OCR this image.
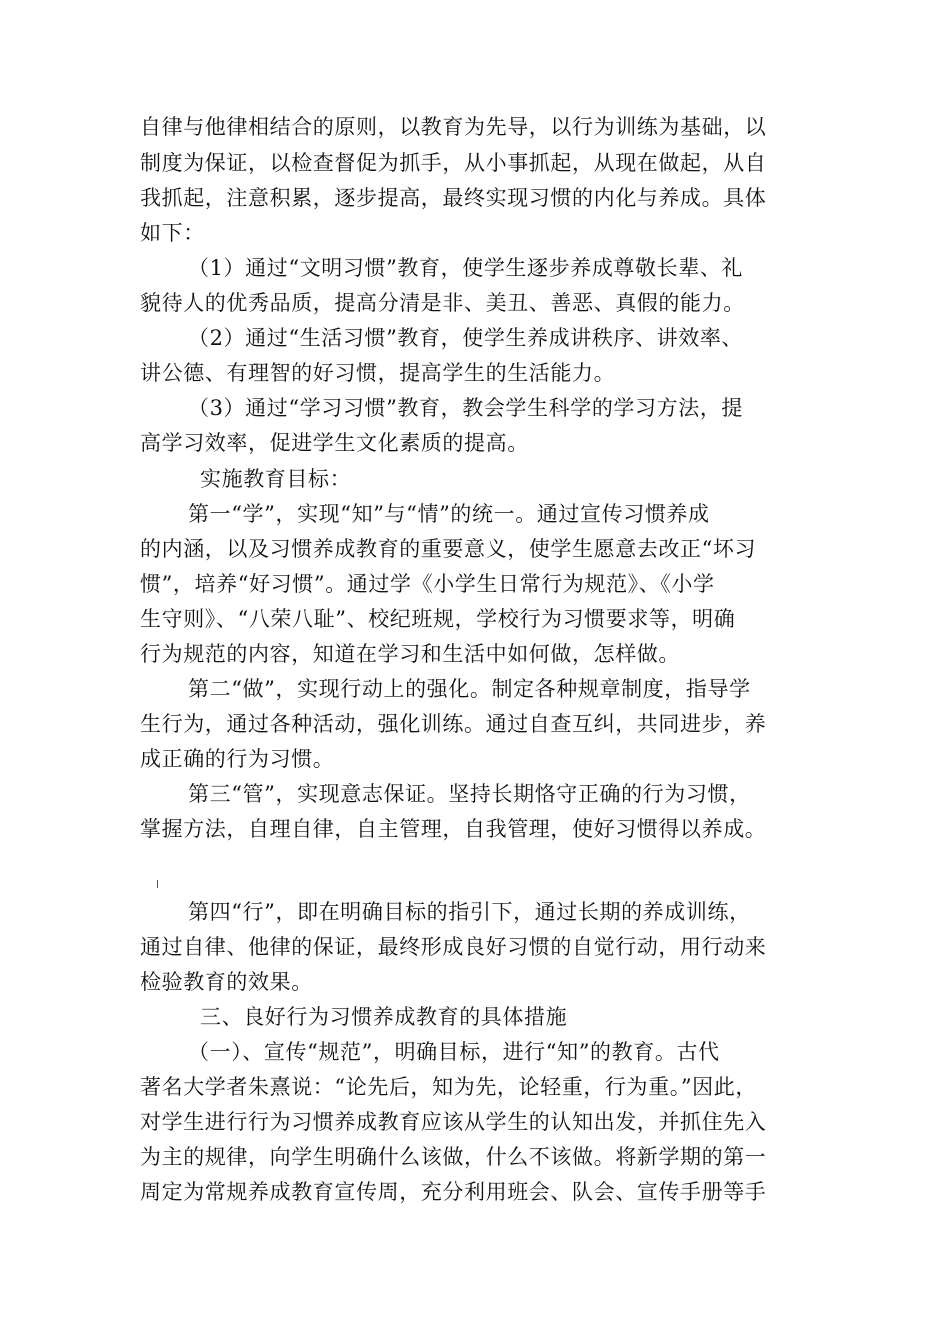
自律与他律相结合的原则，以教育为先导，以行为训练为基础，以
制度为保证，以检查督促为抓手，从小事抓起，从现在做起，从自
我抓起，注意积累，逐步提高，最终实现习惯的内化与养成。具体
如下：
（1）通过“文明习惯”教育，使学生逐步养成尊敬长辈、礼
貌待人的优秀品质，提高分清是非、美丑、善恶、真假的能力。
（2）通过“生活习惯”教育，使学生养成讲秩序、讲效率、
讲公德、有理智的好习惯，提高学生的生活能力。
（3）通过“学习习惯”教育，教会学生科学的学习方法，提
高学习效率，促进学生文化素质的提高。
实施教育目标：
第一“学”，实现“知”与“情”的统一。通过宣传习惯养成
的内涵，以及习惯养成教育的重要意义，使学生愿意去改正“坏习
惯”，培养“好习惯”。通过学《小学生日常行为规范》、《小学
生守则》、“八荣八耻”、校纪班规，学校行为习惯要求等，明确
行为规范的内容，知道在学习和生活中如何做，怎样做。
第二“做”，实现行动上的强化。制定各种规章制度，指导学
生行为，通过各种活动，强化训练。通过自查互纠，共同进步，养
成正确的行为习惯。
第三“管”，实现意志保证。坚持长期恪守正确的行为习惯，
掌握方法，自理自律，自主管理，自我管理，使好习惯得以养成。
第四“行”，即在明确目标的指引下，通过长期的养成训练，
通过自律、他律的保证，最终形成良好习惯的自觉行动，用行动来
检验教育的效果。
三、良好行为习惯养成教育的具体措施
（一）、宣传“规范”，明确目标，进行“知”的教育。古代
著名大学者朱熹说：“论先后，知为先，论轻重，行为重。”因此，
对学生进行行为习惯养成教育应该从学生的认知出发，并抓住先入
为主的规律，向学生明确什么该做，什么不该做。将新学期的第一
周定为常规养成教育宣传周，充分利用班会、队会、宣传手册等手
